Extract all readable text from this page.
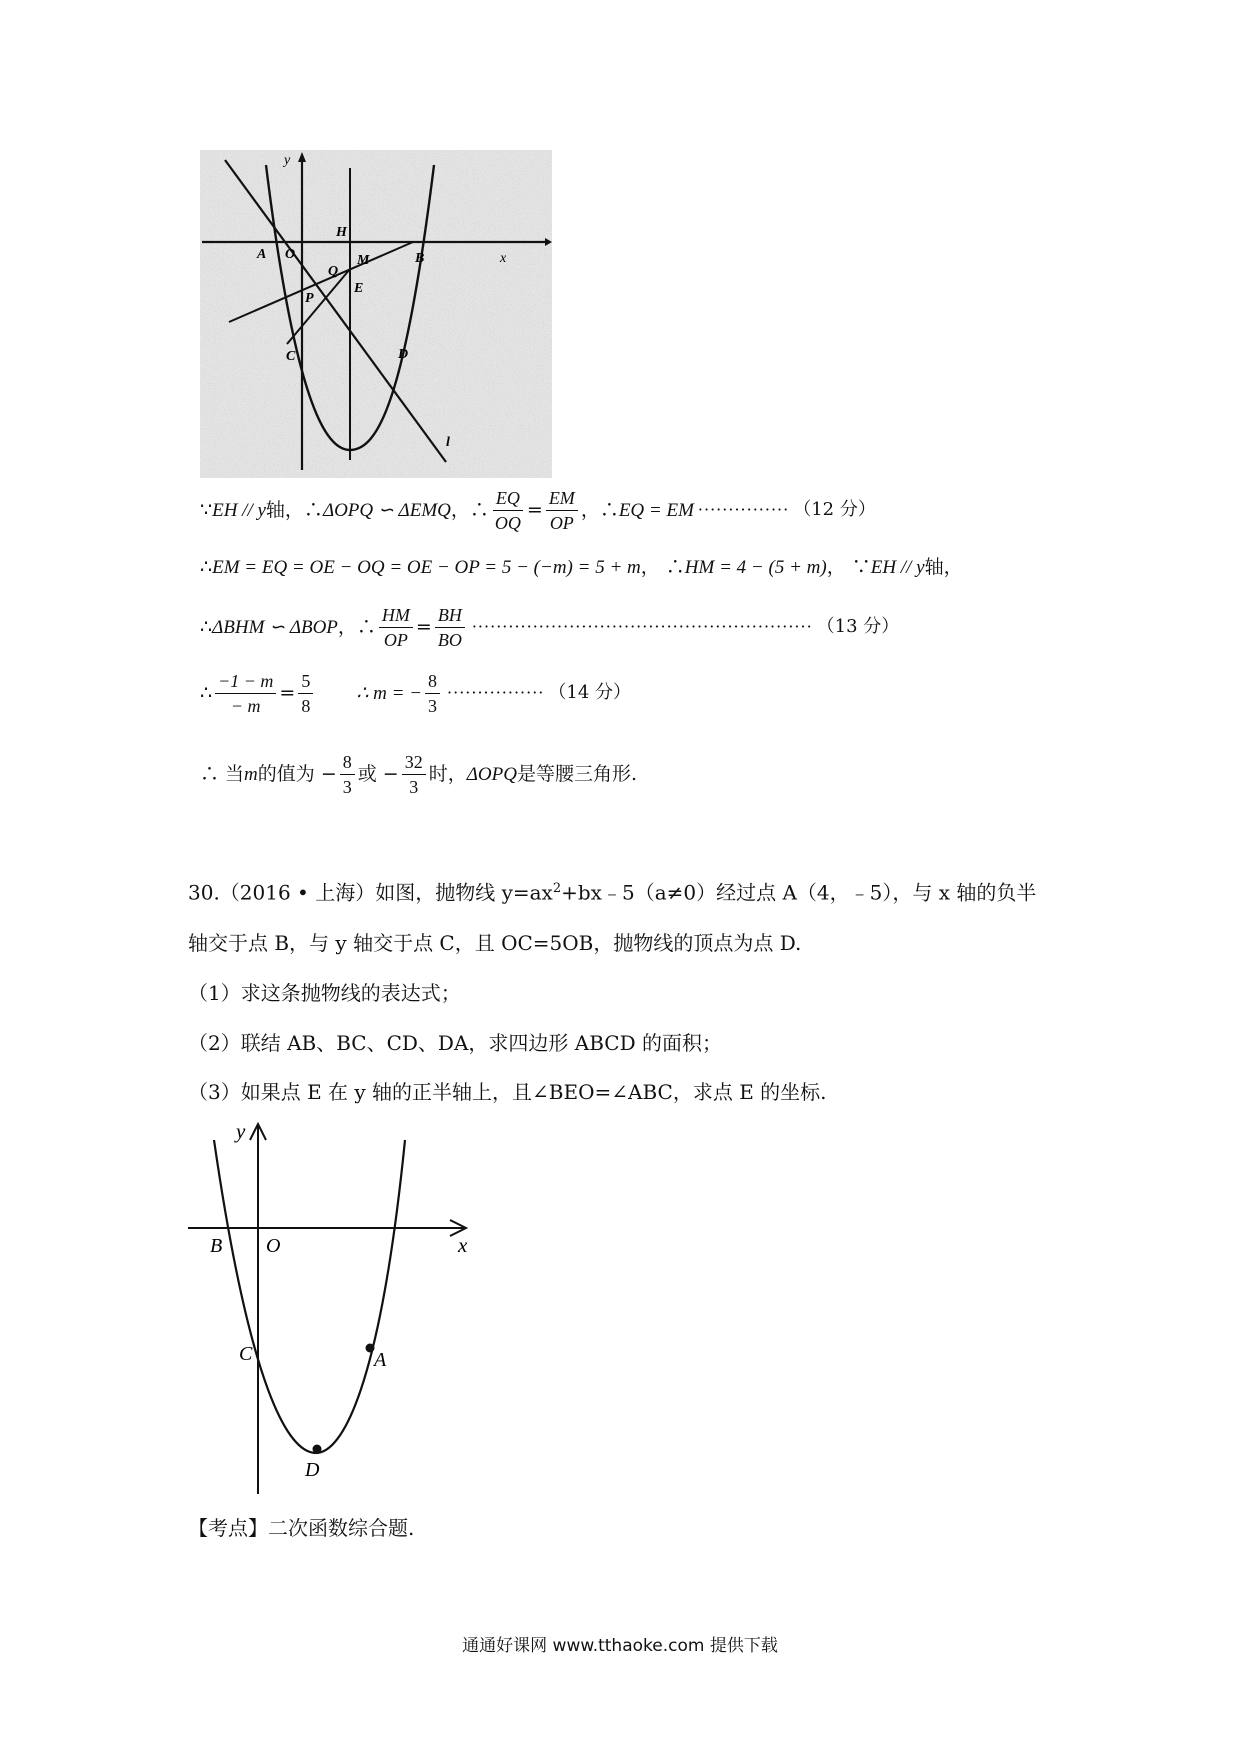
y
x
H
A O
Q
M	B
E
P
C	D
l
∵ EH // y 轴，∴ ΔOPQ ∽ ΔEMQ ，∴ $\frac{EQ}{OQ} = \frac{EM}{OP}$ ，∴ EQ = EM ··············· （12 分）
∴ EM = EQ = OE − OQ = OE − OP = 5 − (−m) = 5 + m ， ∴ HM = 4 − (5 + m) ， ∵ EH // y 轴，
∴ ΔBHM ∽ ΔBOP ，∴ $\frac{HM}{OP} = \frac{BH}{BO}$ ························································ （13 分）
∴ $\frac{-1 - m}{- m} = \frac{5}{8}$ ∴ m = − $\frac{8}{3}$ ················ （14 分）
∴ 当 m 的值为 − $\frac{8}{3}$ 或 − $\frac{32}{3}$ 时， ΔOPQ 是等腰三角形.
30.（2016 • 上海）如图，抛物线 $y=ax^2+bx﹣5(a\ne 0)$经过点 A（4，﹣5），与 x 轴的负半
轴交于点 B，与 y 轴交于点 C，且 OC=5OB，抛物线的顶点为点 D.
（1）求这条抛物线的表达式；
（2）联结 AB、BC、CD、DA，求四边形 ABCD 的面积；
（3）如果点 E 在 y 轴的正半轴上，且∠BEO=∠ABC，求点 E 的坐标.
y
x
B O
C	A
D
【考点】二次函数综合题.
通通好课网 www.tthaoke.com 提供下载
